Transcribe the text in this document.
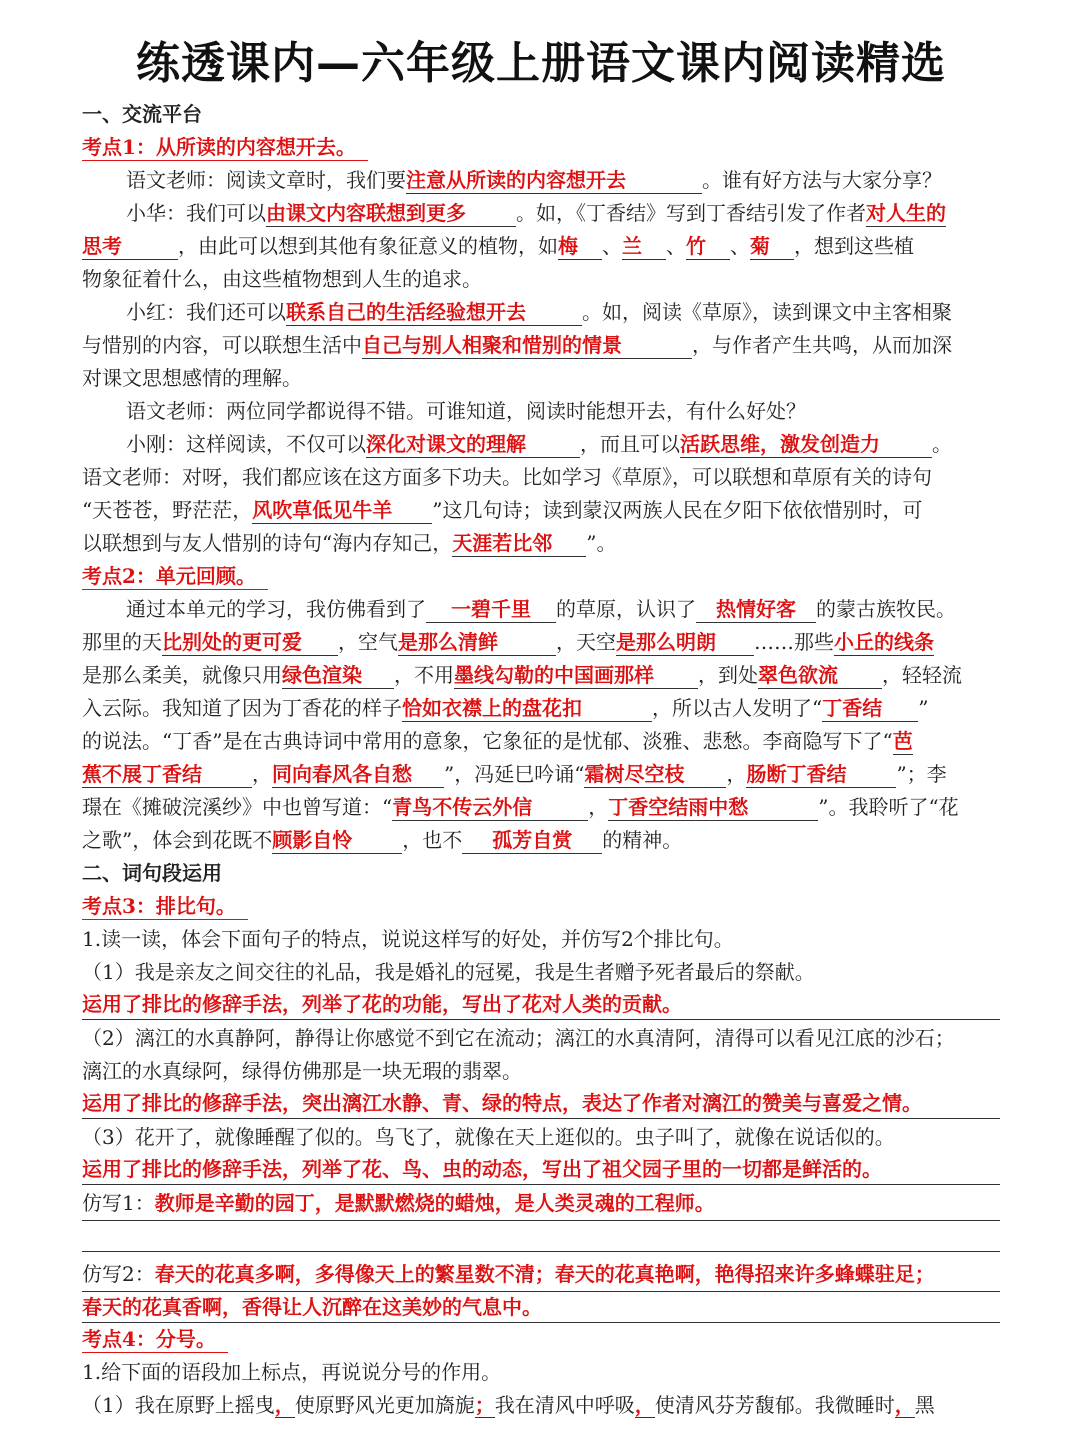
练透课内—六年级上册语文课内阅读精选
一、交流平台
考点1：从所读的内容想开去。
语文老师：阅读文章时，我们要注意从所读的内容想开去	。谁有好方法与大家分享？
小华：我们可以由课文内容联想到更多	。如，《丁香结》写到丁香结引发了作者对人生的
思考	，由此可以想到其他有象征意义的植物，如梅 、兰 、竹 、菊 ，想到这些植
物象征着什么，由这些植物想到人生的追求。
小红：我们还可以联系自己的生活经验想开去	。如，阅读《草原》，读到课文中主客相聚
与惜别的内容，可以联想生活中自己与别人相聚和惜别的情景	，与作者产生共鸣，从而加深
对课文思想感情的理解。
语文老师：两位同学都说得不错。可谁知道，阅读时能想开去，有什么好处？
小刚：这样阅读，不仅可以深化对课文的理解	，而且可以活跃思维，激发创造力	。
语文老师：对呀，我们都应该在这方面多下功夫。比如学习《草原》，可以联想和草原有关的诗句
“天苍苍，野茫茫，风吹草低见牛羊 ”这几句诗；读到蒙汉两族人民在夕阳下依依惜别时，可
以联想到与友人惜别的诗句“海内存知己，天涯若比邻 ”。
考点2：单元回顾。
通过本单元的学习，我仿佛看到了 一碧千里 的草原，认识了 热情好客 的蒙古族牧民。
那里的天比别处的更可爱 ，空气是那么清鲜	，天空是那么明朗 ……那些小丘的线条
是那么柔美，就像只用绿色渲染 ，不用墨线勾勒的中国画那样 ，到处翠色欲流 ，轻轻流
入云际。我知道了因为丁香花的样子恰如衣襟上的盘花扣	，所以古人发明了“丁香结 ”
的说法。“丁香”是在古典诗词中常用的意象，它象征的是忧郁、淡雅、悲愁。李商隐写下了“芭
蕉不展丁香结	，同向春风各自愁 ”，冯延巳吟诵“霜树尽空枝 ，肠断丁香结	”；李
璟在《摊破浣溪纱》中也曾写道：“青鸟不传云外信	，丁香空结雨中愁	”。我聆听了“花
之歌”，体会到花既不顾影自怜	，也不 孤芳自赏 的精神。
二、词句段运用
考点3：排比句。
1.读一读，体会下面句子的特点，说说这样写的好处，并仿写2个排比句。
（1）我是亲友之间交往的礼品，我是婚礼的冠冕，我是生者赠予死者最后的祭献。
运用了排比的修辞手法，列举了花的功能，写出了花对人类的贡献。
（2）漓江的水真静阿，静得让你感觉不到它在流动；漓江的水真清阿，清得可以看见江底的沙石；
漓江的水真绿阿，绿得仿佛那是一块无瑕的翡翠。
运用了排比的修辞手法，突出漓江水静、青、绿的特点，表达了作者对漓江的赞美与喜爱之情。
（3）花开了，就像睡醒了似的。鸟飞了，就像在天上逛似的。虫子叫了，就像在说话似的。
运用了排比的修辞手法，列举了花、鸟、虫的动态，写出了祖父园子里的一切都是鲜活的。
仿写1：教师是辛勤的园丁，是默默燃烧的蜡烛，是人类灵魂的工程师。
仿写2：春天的花真多啊，多得像天上的繁星数不清；春天的花真艳啊，艳得招来许多蜂蝶驻足；
春天的花真香啊，香得让人沉醉在这美妙的气息中。
考点4：分号。
1.给下面的语段加上标点，再说说分号的作用。
（1）我在原野上摇曳，使原野风光更加旖旎；我在清风中呼吸，使清风芬芳馥郁。我微睡时，黑
